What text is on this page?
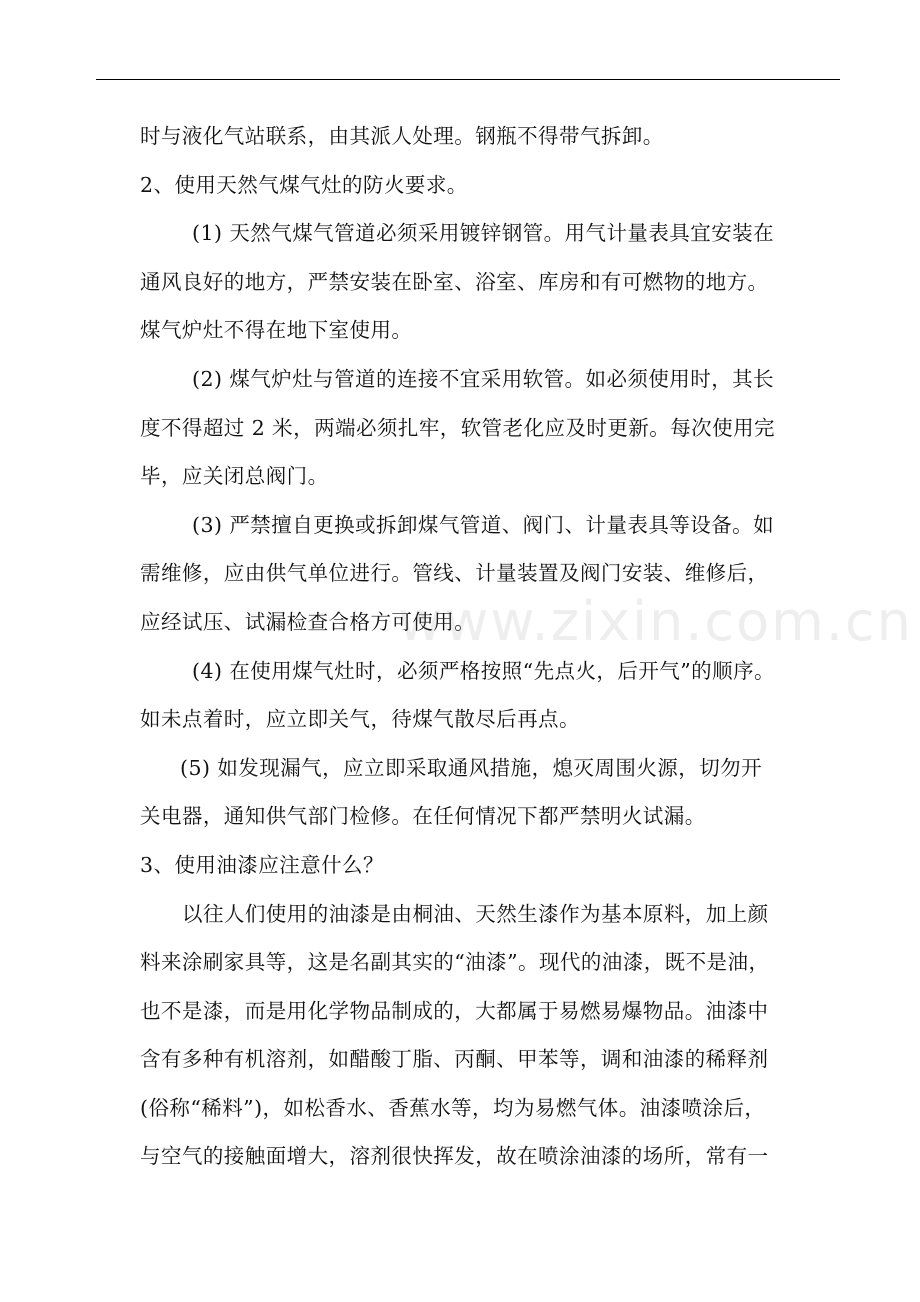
时与液化气站联系，由其派人处理。钢瓶不得带气拆卸。
2、使用天然气煤气灶的防火要求。
(1) 天然气煤气管道必须采用镀锌钢管。用气计量表具宜安装在
通风良好的地方，严禁安装在卧室、浴室、库房和有可燃物的地方。
煤气炉灶不得在地下室使用。
(2) 煤气炉灶与管道的连接不宜采用软管。如必须使用时，其长
度不得超过 2 米，两端必须扎牢，软管老化应及时更新。每次使用完
毕，应关闭总阀门。
(3) 严禁擅自更换或拆卸煤气管道、阀门、计量表具等设备。如
需维修，应由供气单位进行。管线、计量装置及阀门安装、维修后，
应经试压、试漏检查合格方可使用。
(4) 在使用煤气灶时，必须严格按照“先点火，后开气”的顺序。
如未点着时，应立即关气，待煤气散尽后再点。
(5) 如发现漏气，应立即采取通风措施，熄灭周围火源，切勿开
关电器，通知供气部门检修。在任何情况下都严禁明火试漏。
3、使用油漆应注意什么？
以往人们使用的油漆是由桐油、天然生漆作为基本原料，加上颜
料来涂刷家具等，这是名副其实的“油漆”。现代的油漆，既不是油，
也不是漆，而是用化学物品制成的，大都属于易燃易爆物品。油漆中
含有多种有机溶剂，如醋酸丁脂、丙酮、甲苯等，调和油漆的稀释剂
(俗称“稀料”)，如松香水、香蕉水等，均为易燃气体。油漆喷涂后，
与空气的接触面增大，溶剂很快挥发，故在喷涂油漆的场所，常有一
www.zixin.com.cn
